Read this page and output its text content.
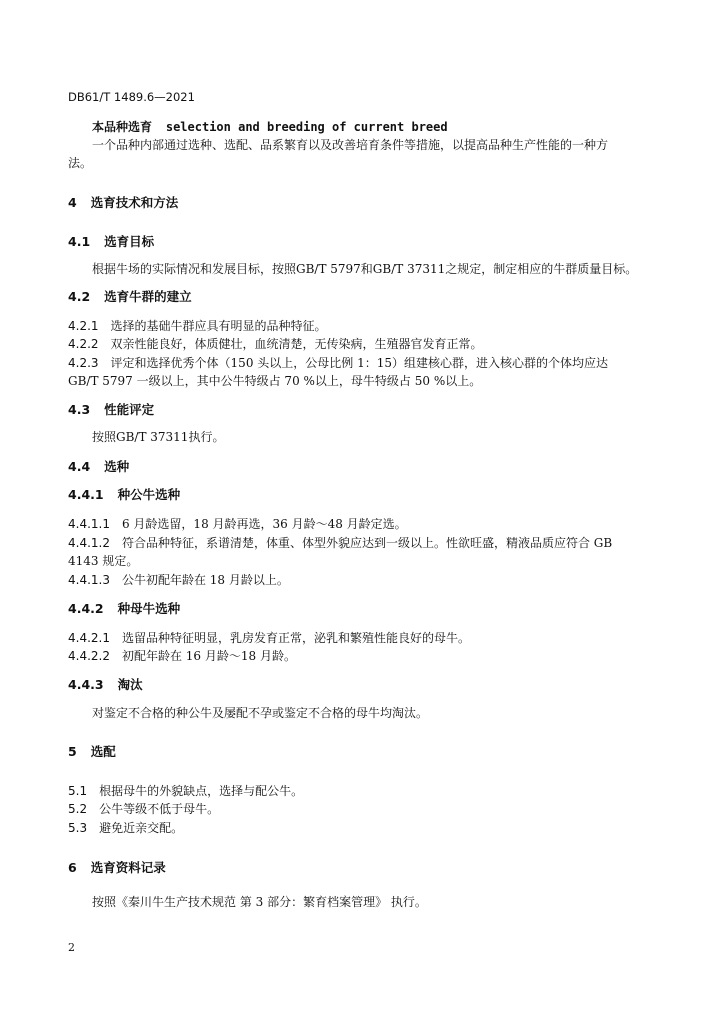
DB61/T 1489.6—2021
本品种选育 selection and breeding of current breed
一个品种内部通过选种、选配、品系繁育以及改善培育条件等措施，以提高品种生产性能的一种方
法。
4 选育技术和方法
4.1 选育目标
根据牛场的实际情况和发展目标，按照GB/T 5797和GB/T 37311之规定，制定相应的牛群质量目标。
4.2 选育牛群的建立
4.2.1 选择的基础牛群应具有明显的品种特征。
4.2.2 双亲性能良好，体质健壮，血统清楚，无传染病，生殖器官发育正常。
4.2.3 评定和选择优秀个体（150 头以上，公母比例 1：15）组建核心群，进入核心群的个体均应达
GB/T 5797 一级以上，其中公牛特级占 70 %以上，母牛特级占 50 %以上。
4.3 性能评定
按照GB/T 37311执行。
4.4 选种
4.4.1 种公牛选种
4.4.1.1 6 月龄选留，18 月龄再选，36 月龄～48 月龄定选。
4.4.1.2 符合品种特征，系谱清楚，体重、体型外貌应达到一级以上。性欲旺盛，精液品质应符合 GB
4143 规定。
4.4.1.3 公牛初配年龄在 18 月龄以上。
4.4.2 种母牛选种
4.4.2.1 选留品种特征明显，乳房发育正常，泌乳和繁殖性能良好的母牛。
4.4.2.2 初配年龄在 16 月龄～18 月龄。
4.4.3 淘汰
对鉴定不合格的种公牛及屡配不孕或鉴定不合格的母牛均淘汰。
5 选配
5.1 根据母牛的外貌缺点，选择与配公牛。
5.2 公牛等级不低于母牛。
5.3 避免近亲交配。
6 选育资料记录
按照《秦川牛生产技术规范 第 3 部分：繁育档案管理》 执行。
2
